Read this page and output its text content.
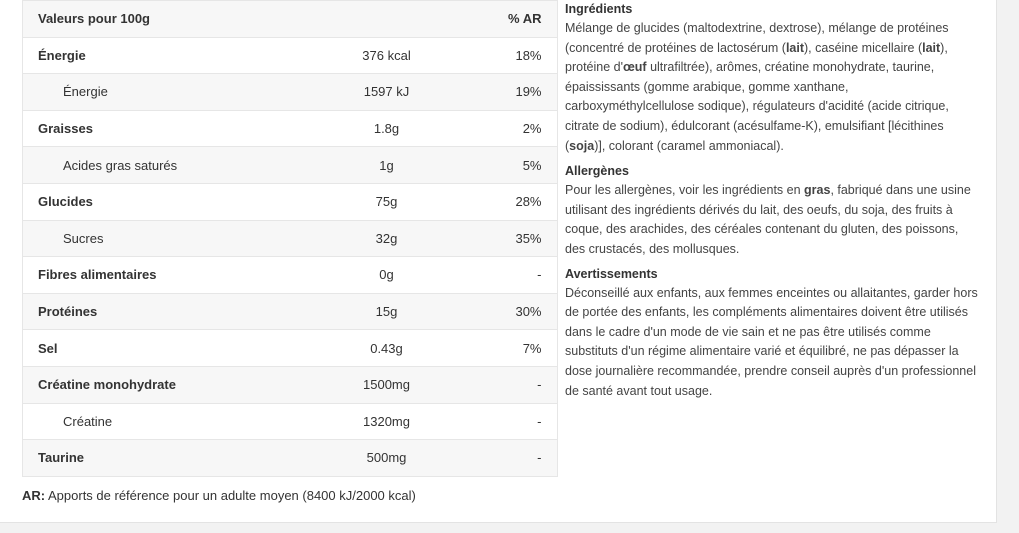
Valeurs pour 100g		% AR
Énergie	376 kcal	18%
Énergie	1597 kJ	19%
Graisses	1.8g	2%
Acides gras saturés	1g	5%
Glucides	75g	28%
Sucres	32g	35%
Fibres alimentaires	0g	-
Protéines	15g	30%
Sel	0.43g	7%
Créatine monohydrate	1500mg	-
Créatine	1320mg	-
Taurine	500mg	-
AR: Apports de référence pour un adulte moyen (8400 kJ/2000 kcal)
Ingrédients

Mélange de glucides (maltodextrine, dextrose), mélange de protéines (concentré de protéines de lactosérum (lait), caséine micellaire (lait), protéine d'œuf ultrafiltrée), arômes, créatine monohydrate, taurine, épaississants (gomme arabique, gomme xanthane, carboxyméthylcellulose sodique), régulateurs d'acidité (acide citrique, citrate de sodium), édulcorant (acésulfame-K), emulsifiant [lécithines (soja)], colorant (caramel ammoniacal).

Allergènes

Pour les allergènes, voir les ingrédients en gras, fabriqué dans une usine utilisant des ingrédients dérivés du lait, des oeufs, du soja, des fruits à coque, des arachides, des céréales contenant du gluten, des poissons, des crustacés, des mollusques.

Avertissements

Déconseillé aux enfants, aux femmes enceintes ou allaitantes, garder hors de portée des enfants, les compléments alimentaires doivent être utilisés dans le cadre d'un mode de vie sain et ne pas être utilisés comme substituts d'un régime alimentaire varié et équilibré, ne pas dépasser la dose journalière recommandée, prendre conseil auprès d'un professionnel de santé avant tout usage.
